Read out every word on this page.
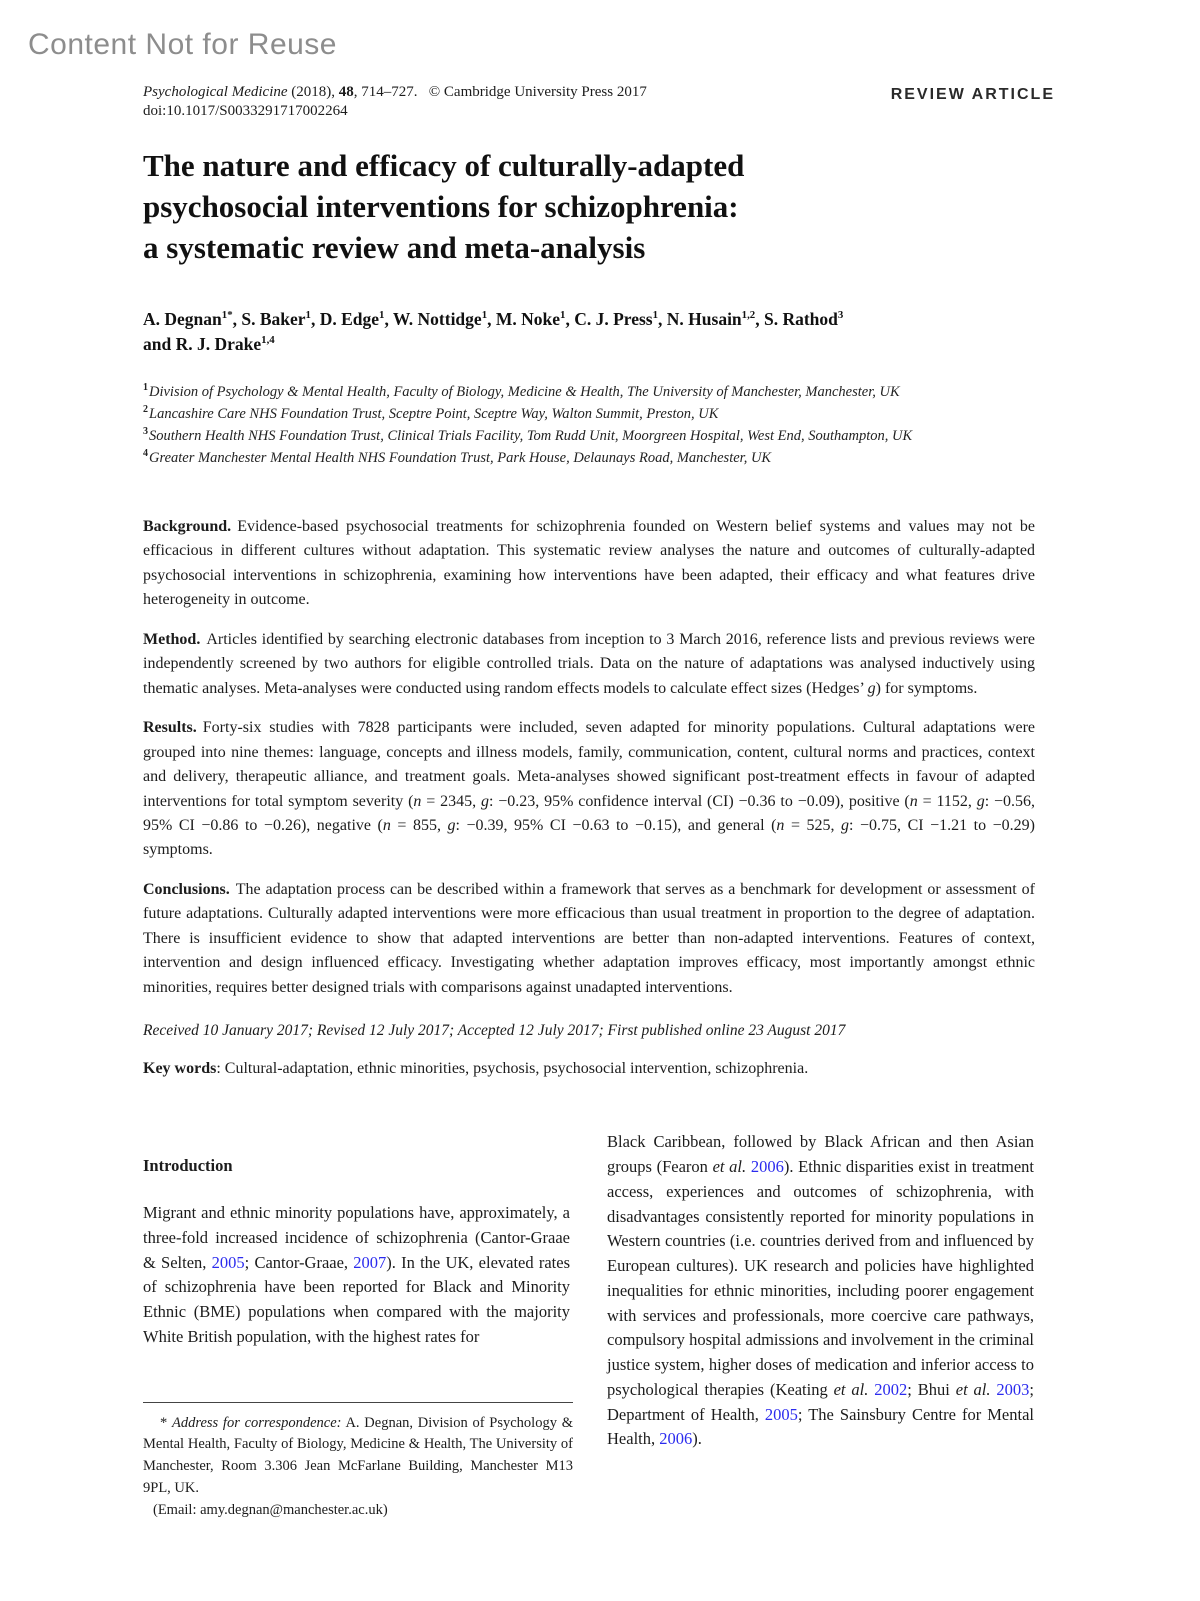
Content Not for Reuse
Psychological Medicine (2018), 48, 714–727.  © Cambridge University Press 2017
doi:10.1017/S0033291717002264
REVIEW ARTICLE
The nature and efficacy of culturally-adapted
psychosocial interventions for schizophrenia:
a systematic review and meta-analysis
A. Degnan$^{1*}$, S. Baker$^1$, D. Edge$^1$, W. Nottidge$^1$, M. Noke$^1$, C. J. Press$^1$, N. Husain$^{1,2}$, S. Rathod$^3$
and R. J. Drake$^{1,4}$
$^1$Division of Psychology & Mental Health, Faculty of Biology, Medicine & Health, The University of Manchester, Manchester, UK
$^2$Lancashire Care NHS Foundation Trust, Sceptre Point, Sceptre Way, Walton Summit, Preston, UK
$^3$Southern Health NHS Foundation Trust, Clinical Trials Facility, Tom Rudd Unit, Moorgreen Hospital, West End, Southampton, UK
$^4$Greater Manchester Mental Health NHS Foundation Trust, Park House, Delaunays Road, Manchester, UK

Background. Evidence-based psychosocial treatments for schizophrenia founded on Western belief systems and values may not be efficacious in different cultures without adaptation. This systematic review analyses the nature and outcomes of culturally-adapted psychosocial interventions in schizophrenia, examining how interventions have been adapted, their efficacy and what features drive heterogeneity in outcome.

Method. Articles identified by searching electronic databases from inception to 3 March 2016, reference lists and previous reviews were independently screened by two authors for eligible controlled trials. Data on the nature of adaptations was analysed inductively using thematic analyses. Meta-analyses were conducted using random effects models to calculate effect sizes (Hedges’ g) for symptoms.

Results. Forty-six studies with 7828 participants were included, seven adapted for minority populations. Cultural adaptations were grouped into nine themes: language, concepts and illness models, family, communication, content, cultural norms and practices, context and delivery, therapeutic alliance, and treatment goals. Meta-analyses showed significant post-treatment effects in favour of adapted interventions for total symptom severity (n = 2345, g: −0.23, 95% confidence interval (CI) −0.36 to −0.09), positive (n = 1152, g: −0.56, 95% CI −0.86 to −0.26), negative (n = 855, g: −0.39, 95% CI −0.63 to −0.15), and general (n = 525, g: −0.75, CI −1.21 to −0.29) symptoms.

Conclusions. The adaptation process can be described within a framework that serves as a benchmark for development or assessment of future adaptations. Culturally adapted interventions were more efficacious than usual treatment in proportion to the degree of adaptation. There is insufficient evidence to show that adapted interventions are better than non-adapted interventions. Features of context, intervention and design influenced efficacy. Investigating whether adaptation improves efficacy, most importantly amongst ethnic minorities, requires better designed trials with comparisons against unadapted interventions.

Received 10 January 2017; Revised 12 July 2017; Accepted 12 July 2017; First published online 23 August 2017

Key words: Cultural-adaptation, ethnic minorities, psychosis, psychosocial intervention, schizophrenia.

Introduction

Migrant and ethnic minority populations have, approximately, a three-fold increased incidence of schizophrenia (Cantor-Graae & Selten, 2005; Cantor-Graae, 2007). In the UK, elevated rates of schizophrenia have been reported for Black and Minority Ethnic (BME) populations when compared with the majority White British population, with the highest rates for

* Address for correspondence: A. Degnan, Division of Psychology & Mental Health, Faculty of Biology, Medicine & Health, The University of Manchester, Room 3.306 Jean McFarlane Building, Manchester M13 9PL, UK.

(Email: amy.degnan@manchester.ac.uk)

Black Caribbean, followed by Black African and then Asian groups (Fearon et al. 2006). Ethnic disparities exist in treatment access, experiences and outcomes of schizophrenia, with disadvantages consistently reported for minority populations in Western countries (i.e. countries derived from and influenced by European cultures). UK research and policies have highlighted inequalities for ethnic minorities, including poorer engagement with services and professionals, more coercive care pathways, compulsory hospital admissions and involvement in the criminal justice system, higher doses of medication and inferior access to psychological therapies (Keating et al. 2002; Bhui et al. 2003; Department of Health, 2005; The Sainsbury Centre for Mental Health, 2006).
